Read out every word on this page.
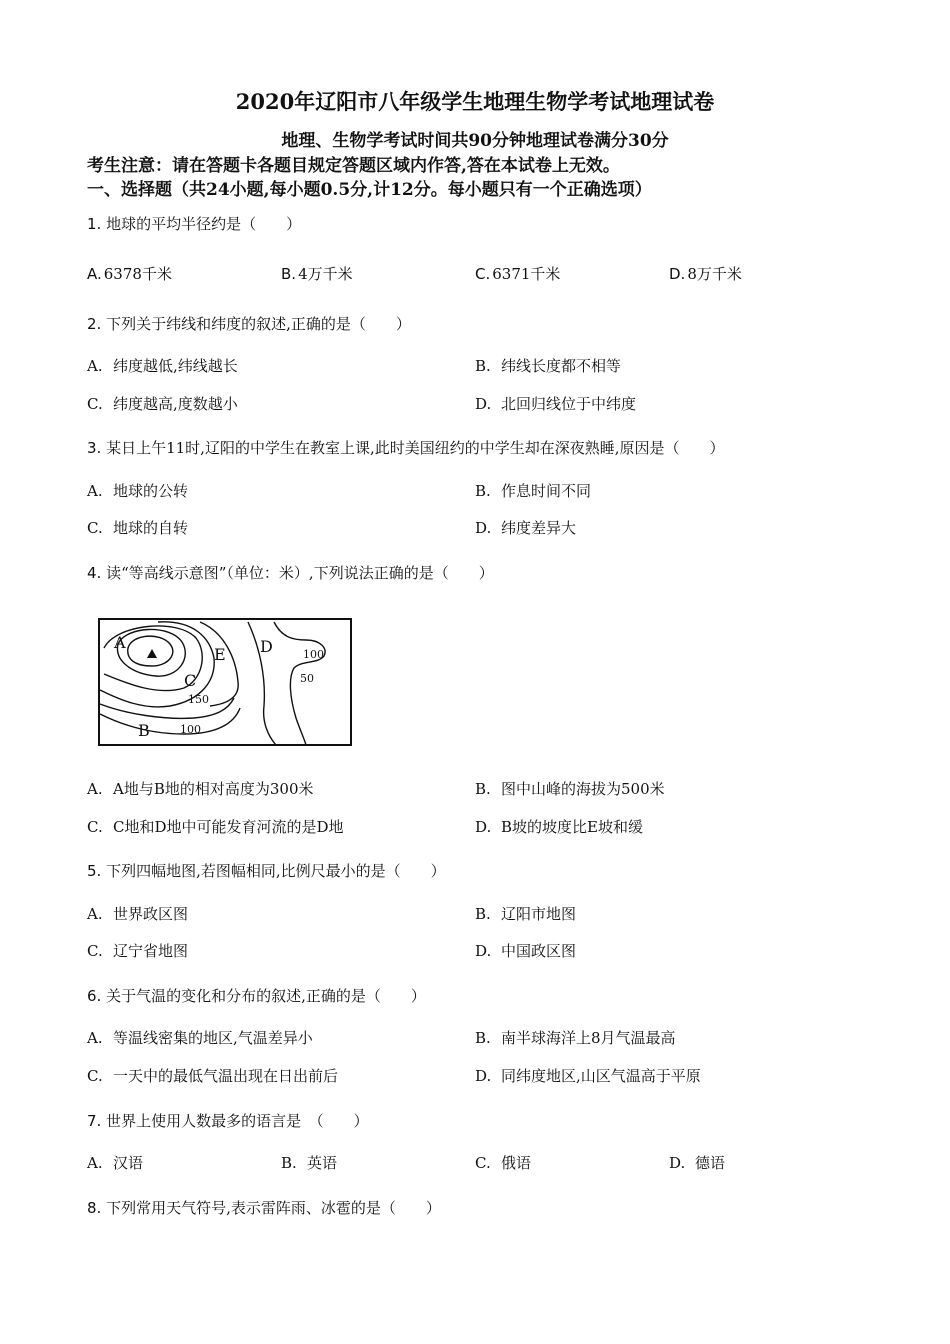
2020年辽阳市八年级学生地理生物学考试地理试卷
地理、生物学考试时间共90分钟地理试卷满分30分
考生注意：请在答题卡各题目规定答题区域内作答,答在本试卷上无效。
一、选择题（共24小题,每小题0.5分,计12分。每小题只有一个正确选项）
1. 地球的平均半径约是（　　）
A. 6378千米	B. 4万千米	C. 6371千米	D. 8万千米
2. 下列关于纬线和纬度的叙述,正确的是（　　）
A. 纬度越低,纬线越长	B. 纬线长度都不相等
C. 纬度越高,度数越小	D. 北回归线位于中纬度
3. 某日上午11时,辽阳的中学生在教室上课,此时美国纽约的中学生却在深夜熟睡,原因是（　　）
A. 地球的公转	B. 作息时间不同
C. 地球的自转	D. 纬度差异大
4. 读“等高线示意图”（单位：米）,下列说法正确的是（　　）
A
B
C
D
E
150
100
100
50
A. A地与B地的相对高度为300米	B. 图中山峰的海拔为500米
C. C地和D地中可能发育河流的是D地	D. B坡的坡度比E坡和缓
5. 下列四幅地图,若图幅相同,比例尺最小的是（　　）
A. 世界政区图	B. 辽阳市地图
C. 辽宁省地图	D. 中国政区图
6. 关于气温的变化和分布的叙述,正确的是（　　）
A. 等温线密集的地区,气温差异小	B. 南半球海洋上8月气温最高
C. 一天中的最低气温出现在日出前后	D. 同纬度地区,山区气温高于平原
7. 世界上使用人数最多的语言是　（　　）
A. 汉语	B. 英语	C. 俄语	D. 德语
8. 下列常用天气符号,表示雷阵雨、冰雹的是（　　）
